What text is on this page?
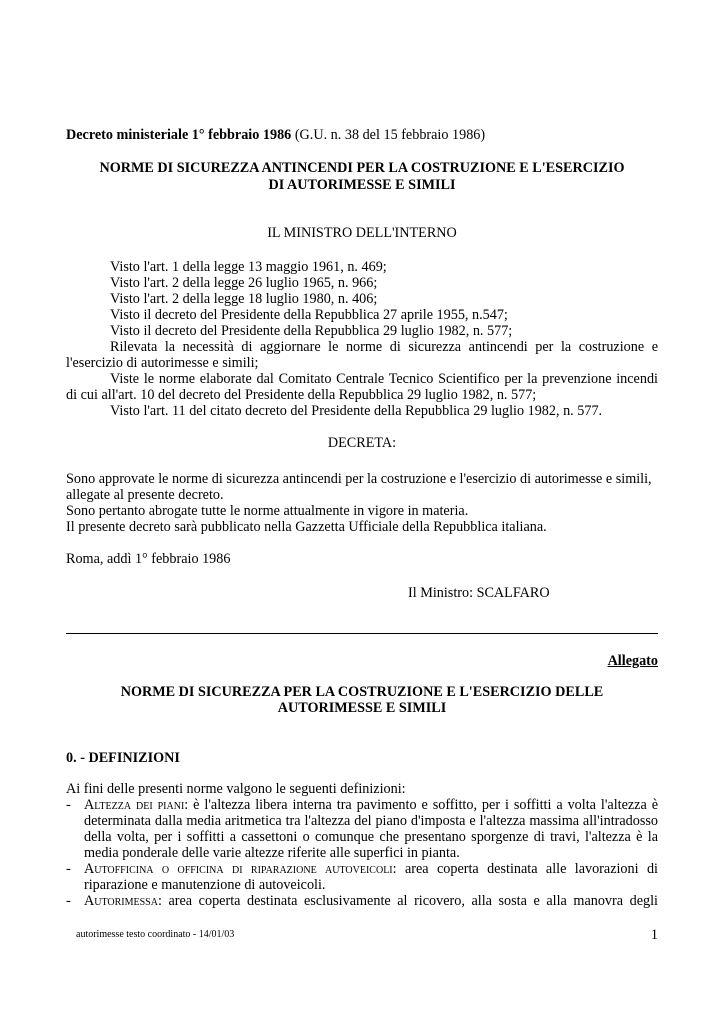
Decreto ministeriale 1° febbraio 1986 (G.U. n. 38 del 15 febbraio 1986)
NORME DI SICUREZZA ANTINCENDI PER LA COSTRUZIONE E L'ESERCIZIO
DI AUTORIMESSE E SIMILI
IL MINISTRO DELL'INTERNO
Visto l'art. 1 della legge 13 maggio 1961, n. 469;
Visto l'art. 2 della legge 26 luglio 1965, n. 966;
Visto l'art. 2 della legge 18 luglio 1980, n. 406;
Visto il decreto del Presidente della Repubblica 27 aprile 1955, n.547;
Visto il decreto del Presidente della Repubblica 29 luglio 1982, n. 577;
Rilevata la necessità di aggiornare le norme di sicurezza antincendi per la costruzione e
l'esercizio di autorimesse e simili;
Viste le norme elaborate dal Comitato Centrale Tecnico Scientifico per la prevenzione incendi
di cui all'art. 10 del decreto del Presidente della Repubblica 29 luglio 1982, n. 577;
Visto l'art. 11 del citato decreto del Presidente della Repubblica 29 luglio 1982, n. 577.
DECRETA:
Sono approvate le norme di sicurezza antincendi per la costruzione e l'esercizio di autorimesse e simili,
allegate al presente decreto.
Sono pertanto abrogate tutte le norme attualmente in vigore in materia.
Il presente decreto sarà pubblicato nella Gazzetta Ufficiale della Repubblica italiana.
Roma, addì 1° febbraio 1986
Il Ministro: SCALFARO
Allegato
NORME DI SICUREZZA PER LA COSTRUZIONE E L'ESERCIZIO DELLE
AUTORIMESSE E SIMILI
0. - DEFINIZIONI
Ai fini delle presenti norme valgono le seguenti definizioni:
- Altezza dei piani: è l'altezza libera interna tra pavimento e soffitto, per i soffitti a volta l'altezza è
determinata dalla media aritmetica tra l'altezza del piano d'imposta e l'altezza massima all'intradosso
della volta, per i soffitti a cassettoni o comunque che presentano sporgenze di travi, l'altezza è la
media ponderale delle varie altezze riferite alle superfici in pianta.
- Autofficina o officina di riparazione autoveicoli: area coperta destinata alle lavorazioni di
riparazione e manutenzione di autoveicoli.
- Autorimessa: area coperta destinata esclusivamente al ricovero, alla sosta e alla manovra degli
autorimesse testo coordinato - 14/01/03	1
